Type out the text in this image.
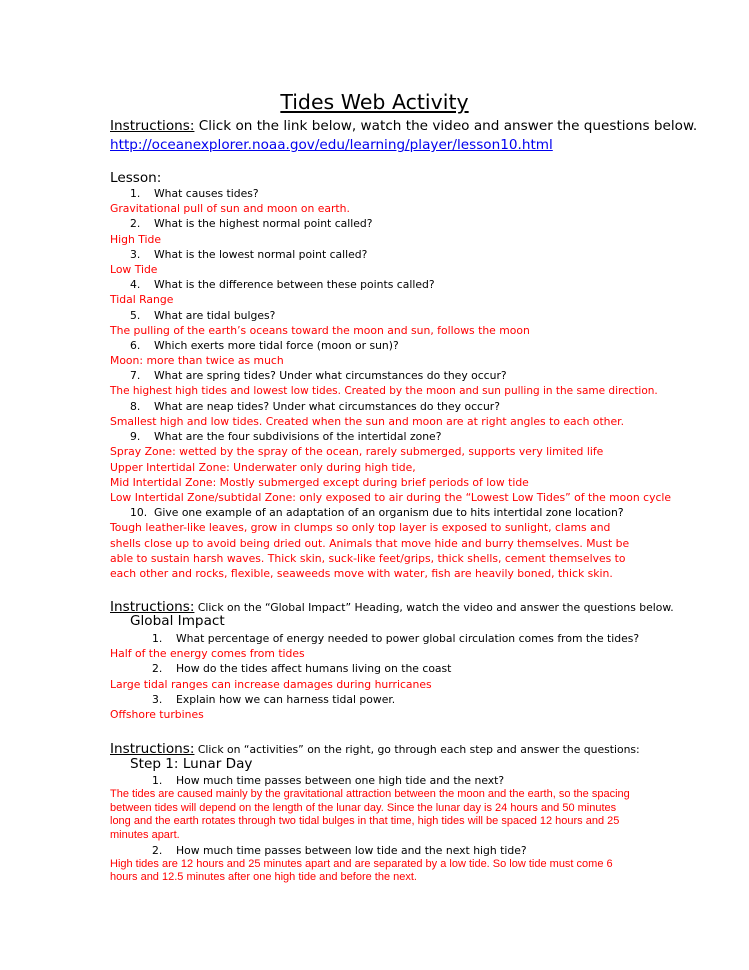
Tides Web Activity
Instructions: Click on the link below, watch the video and answer the questions below.
http://oceanexplorer.noaa.gov/edu/learning/player/lesson10.html
Lesson:

1. What causes tides?

Gravitational pull of sun and moon on earth.

2. What is the highest normal point called?

High Tide

3. What is the lowest normal point called?

Low Tide

4. What is the difference between these points called?

Tidal Range

5. What are tidal bulges?

The pulling of the earth’s oceans toward the moon and sun, follows the moon

6. Which exerts more tidal force (moon or sun)?

Moon: more than twice as much

7. What are spring tides? Under what circumstances do they occur?

The highest high tides and lowest low tides. Created by the moon and sun pulling in the same direction.

8. What are neap tides? Under what circumstances do they occur?

Smallest high and low tides. Created when the sun and moon are at right angles to each other.

9. What are the four subdivisions of the intertidal zone?

Spray Zone: wetted by the spray of the ocean, rarely submerged, supports very limited life

Upper Intertidal Zone: Underwater only during high tide,

Mid Intertidal Zone: Mostly submerged except during brief periods of low tide

Low Intertidal Zone/subtidal Zone: only exposed to air during the “Lowest Low Tides” of the moon cycle

10. Give one example of an adaptation of an organism due to hits intertidal zone location?

Tough leather-like leaves, grow in clumps so only top layer is exposed to sunlight, clams and shells close up to avoid being dried out. Animals that move hide and burry themselves. Must be able to sustain harsh waves. Thick skin, suck-like feet/grips, thick shells, cement themselves to each other and rocks, flexible, seaweeds move with water, fish are heavily boned, thick skin.

Instructions: Click on the “Global Impact” Heading, watch the video and answer the questions below.
Global Impact

1. What percentage of energy needed to power global circulation comes from the tides?

Half of the energy comes from tides

2. How do the tides affect humans living on the coast

Large tidal ranges can increase damages during hurricanes

3. Explain how we can harness tidal power.

Offshore turbines

Instructions: Click on “activities” on the right, go through each step and answer the questions:
Step 1: Lunar Day

1. How much time passes between one high tide and the next?

The tides are caused mainly by the gravitational attraction between the moon and the earth, so the spacing between tides will depend on the length of the lunar day. Since the lunar day is 24 hours and 50 minutes long and the earth rotates through two tidal bulges in that time, high tides will be spaced 12 hours and 25 minutes apart.

2. How much time passes between low tide and the next high tide?

High tides are 12 hours and 25 minutes apart and are separated by a low tide. So low tide must come 6 hours and 12.5 minutes after one high tide and before the next.
